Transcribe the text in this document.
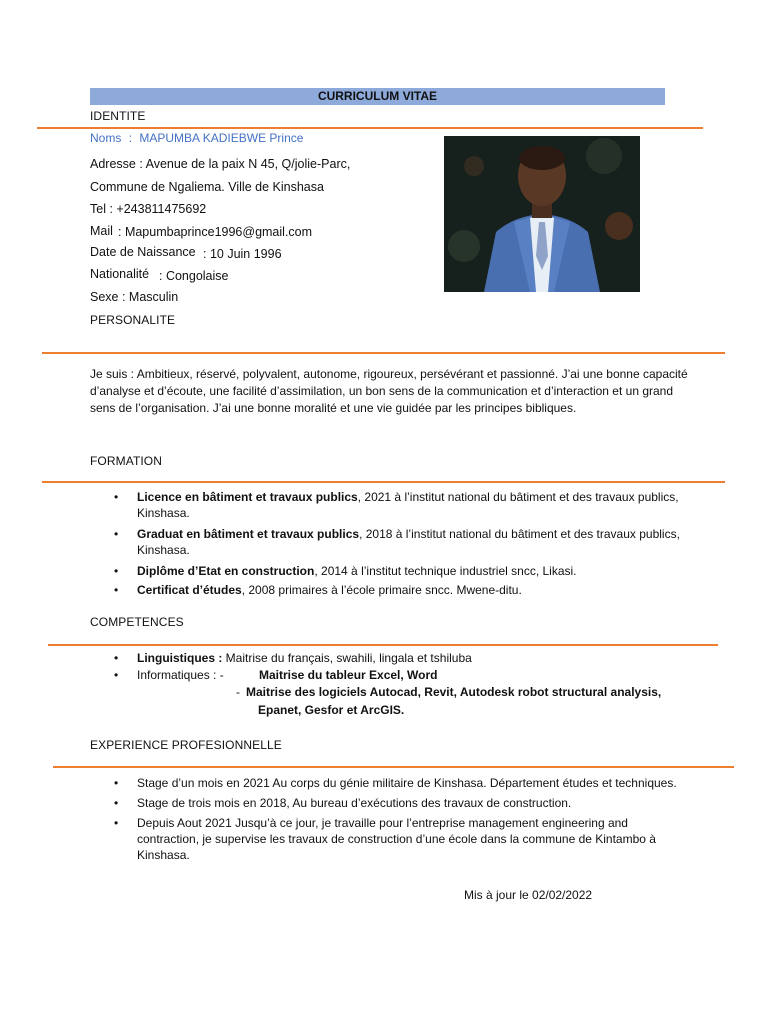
CURRICULUM VITAE
IDENTITE
Noms : MAPUMBA KADIEBWE Prince
Adresse : Avenue de la paix N 45, Q/jolie-Parc,
Commune de Ngaliema. Ville de Kinshasa
Tel : +243811475692
Mail : Mapumbaprince1996@gmail.com
Date de Naissance : 10 Juin 1996
Nationalité : Congolaise
Sexe : Masculin
PERSONALITE
Je suis : Ambitieux, réservé, polyvalent, autonome, rigoureux, persévérant et passionné. J’ai une bonne capacité d’analyse et d’écoute, une facilité d’assimilation, un bon sens de la communication et d’interaction et un grand sens de l’organisation. J’ai une bonne moralité et une vie guidée par les principes bibliques.
FORMATION
• Licence en bâtiment et travaux publics, 2021 à l’institut national du bâtiment et des travaux publics, Kinshasa.
• Graduat en bâtiment et travaux publics, 2018 à l’institut national du bâtiment et des travaux publics, Kinshasa.
• Diplôme d’Etat en construction, 2014 à l’institut technique industriel sncc, Likasi.
• Certificat d’études, 2008 primaires à l’école primaire sncc. Mwene-ditu.
COMPETENCES
• Linguistiques : Maitrise du français, swahili, lingala et tshiluba
• Informatiques : -	Maitrise du tableur Excel, Word
- Maitrise des logiciels Autocad, Revit, Autodesk robot structural analysis,
Epanet, Gesfor et ArcGIS.
EXPERIENCE PROFESIONNELLE
• Stage d’un mois en 2021 Au corps du génie militaire de Kinshasa. Département études et techniques.
• Stage de trois mois en 2018, Au bureau d’exécutions des travaux de construction.
• Depuis Aout 2021 Jusqu’à ce jour, je travaille pour l’entreprise management engineering and contraction, je supervise les travaux de construction d’une école dans la commune de Kintambo à Kinshasa.
Mis à jour le 02/02/2022
